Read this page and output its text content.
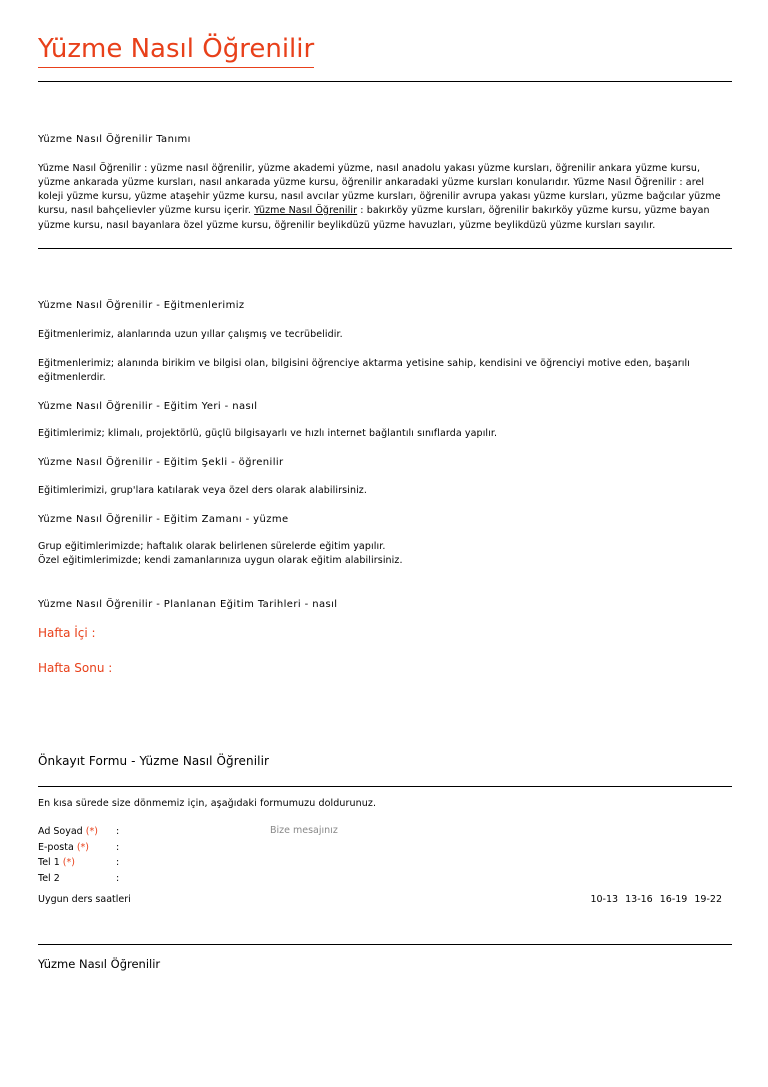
Yüzme Nasıl Öğrenilir
Yüzme Nasıl Öğrenilir Tanımı
Yüzme Nasıl Öğrenilir : yüzme nasıl öğrenilir, yüzme akademi yüzme, nasıl anadolu yakası yüzme kursları, öğrenilir ankara yüzme kursu,
yüzme ankarada yüzme kursları, nasıl ankarada yüzme kursu, öğrenilir ankaradaki yüzme kursları konularıdır. Yüzme Nasıl Öğrenilir : arel
koleji yüzme kursu, yüzme ataşehir yüzme kursu, nasıl avcılar yüzme kursları, öğrenilir avrupa yakası yüzme kursları, yüzme bağcılar yüzme
kursu, nasıl bahçelievler yüzme kursu içerir. Yüzme Nasıl Öğrenilir : bakırköy yüzme kursları, öğrenilir bakırköy yüzme kursu, yüzme bayan
yüzme kursu, nasıl bayanlara özel yüzme kursu, öğrenilir beylikdüzü yüzme havuzları, yüzme beylikdüzü yüzme kursları sayılır.
Yüzme Nasıl Öğrenilir - Eğitmenlerimiz
Eğitmenlerimiz, alanlarında uzun yıllar çalışmış ve tecrübelidir.
Eğitmenlerimiz; alanında birikim ve bilgisi olan, bilgisini öğrenciye aktarma yetisine sahip, kendisini ve öğrenciyi motive eden, başarılı
eğitmenlerdir.
Yüzme Nasıl Öğrenilir - Eğitim Yeri - nasıl
Eğitimlerimiz; klimalı, projektörlü, güçlü bilgisayarlı ve hızlı internet bağlantılı sınıflarda yapılır.
Yüzme Nasıl Öğrenilir - Eğitim Şekli - öğrenilir
Eğitimlerimizi, grup'lara katılarak veya özel ders olarak alabilirsiniz.
Yüzme Nasıl Öğrenilir - Eğitim Zamanı - yüzme
Grup eğitimlerimizde; haftalık olarak belirlenen sürelerde eğitim yapılır.
Özel eğitimlerimizde; kendi zamanlarınıza uygun olarak eğitim alabilirsiniz.
Yüzme Nasıl Öğrenilir - Planlanan Eğitim Tarihleri - nasıl
Hafta İçi :
Hafta Sonu :
Önkayıt Formu - Yüzme Nasıl Öğrenilir
En kısa sürede size dönmemiz için, aşağıdaki formumuzu doldurunuz.
Ad Soyad (*) :
E-posta (*)	:
Tel 1 (*)	:
Tel 2	:
Bize mesajınız
Uygun ders saatleri	10-13 13-16 16-19 19-22
Yüzme Nasıl Öğrenilir
